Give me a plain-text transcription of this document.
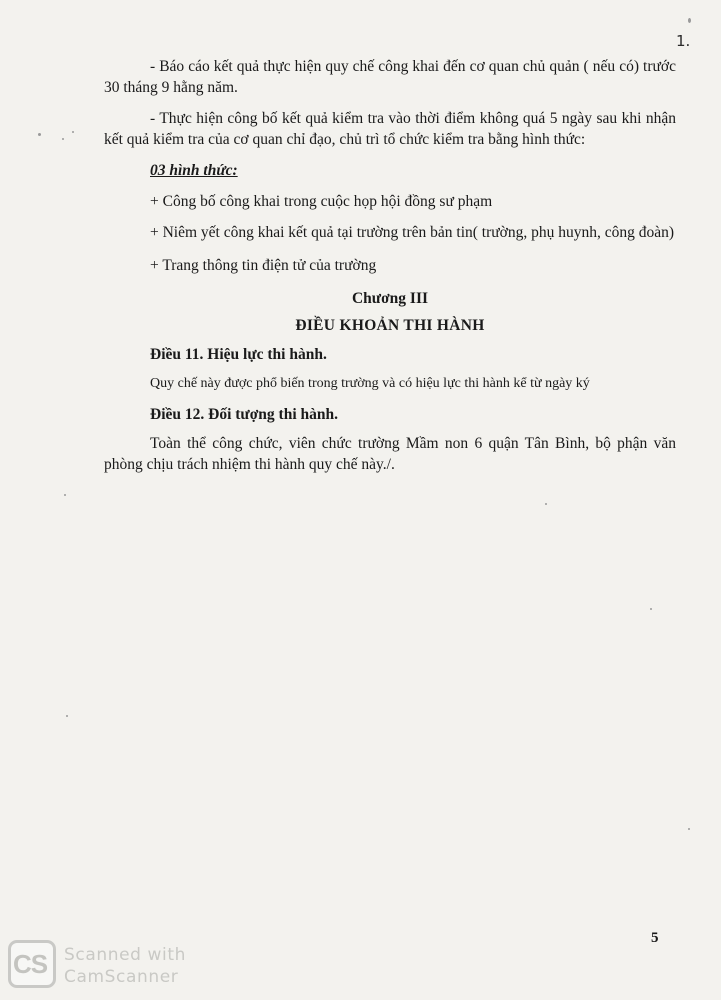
1.

- Báo cáo kết quả thực hiện quy chế công khai đến cơ quan chủ quản ( nếu có) trước 30 tháng 9 hằng năm.

- Thực hiện công bố kết quả kiểm tra vào thời điểm không quá 5 ngày sau khi nhận kết quả kiểm tra của cơ quan chỉ đạo, chủ trì tổ chức kiểm tra bằng hình thức:

03 hình thức:

+ Công bố công khai trong cuộc họp hội đồng sư phạm

+ Niêm yết công khai kết quả tại trường trên bản tin( trường, phụ huynh, công đoàn)

+ Trang thông tin điện tử của trường

Chương III

ĐIỀU KHOẢN THI HÀNH

Điều 11. Hiệu lực thi hành.

Quy chế này được phổ biến trong trường và có hiệu lực thi hành kể từ ngày ký

Điều 12. Đối tượng thi hành.

Toàn thể công chức, viên chức trường Mầm non 6 quận Tân Bình, bộ phận văn phòng chịu trách nhiệm thi hành quy chế này./.

5
CS Scanned with
CamScanner
